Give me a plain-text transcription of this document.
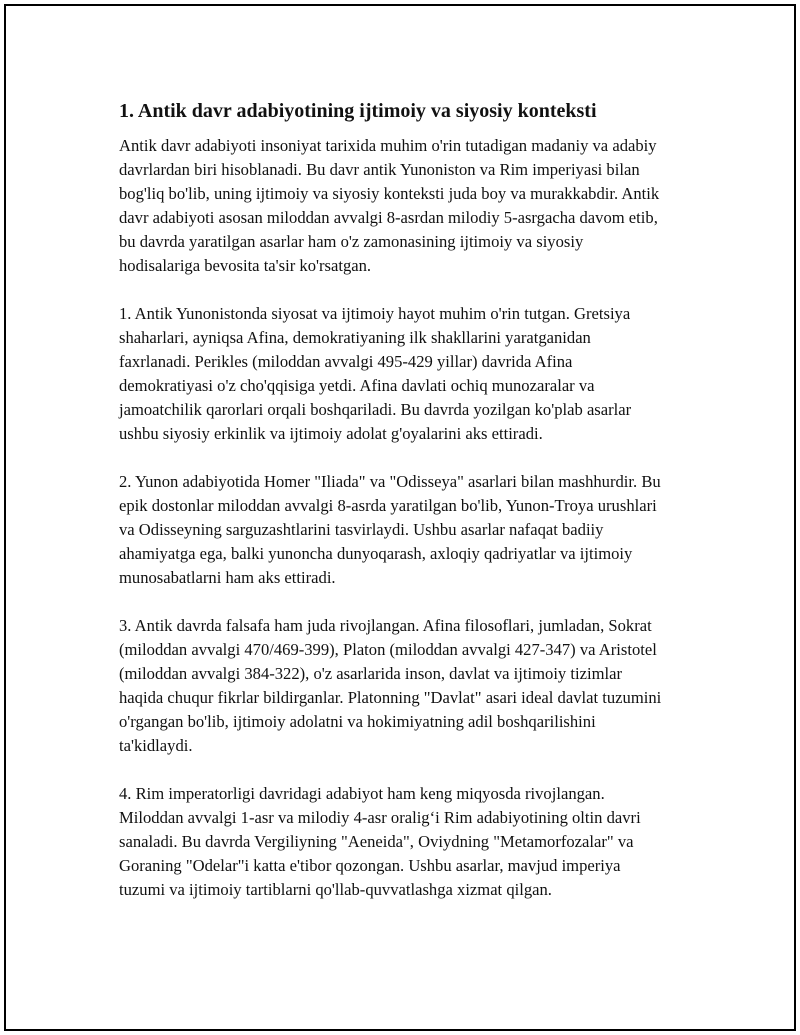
1. Antik davr adabiyotining ijtimoiy va siyosiy konteksti

Antik davr adabiyoti insoniyat tarixida muhim o'rin tutadigan madaniy va adabiy davrlardan biri hisoblanadi. Bu davr antik Yunoniston va Rim imperiyasi bilan bog'liq bo'lib, uning ijtimoiy va siyosiy konteksti juda boy va murakkabdir. Antik davr adabiyoti asosan miloddan avvalgi 8-asrdan milodiy 5-asrgacha davom etib, bu davrda yaratilgan asarlar ham o'z zamonasining ijtimoiy va siyosiy hodisalariga bevosita ta'sir ko'rsatgan.

1. Antik Yunonistonda siyosat va ijtimoiy hayot muhim o'rin tutgan. Gretsiya shaharlari, ayniqsa Afina, demokratiyaning ilk shakllarini yaratganidan faxrlanadi. Perikles (miloddan avvalgi 495-429 yillar) davrida Afina demokratiyasi o'z cho'qqisiga yetdi. Afina davlati ochiq munozaralar va jamoatchilik qarorlari orqali boshqariladi. Bu davrda yozilgan ko'plab asarlar ushbu siyosiy erkinlik va ijtimoiy adolat g'oyalarini aks ettiradi.

2. Yunon adabiyotida Homer "Iliada" va "Odisseya" asarlari bilan mashhurdir. Bu epik dostonlar miloddan avvalgi 8-asrda yaratilgan bo'lib, Yunon-Troya urushlari va Odisseyning sarguzashtlarini tasvirlaydi. Ushbu asarlar nafaqat badiiy ahamiyatga ega, balki yunoncha dunyoqarash, axloqiy qadriyatlar va ijtimoiy munosabatlarni ham aks ettiradi.

3. Antik davrda falsafa ham juda rivojlangan. Afina filosoflari, jumladan, Sokrat (miloddan avvalgi 470/469-399), Platon (miloddan avvalgi 427-347) va Aristotel (miloddan avvalgi 384-322), o'z asarlarida inson, davlat va ijtimoiy tizimlar haqida chuqur fikrlar bildirganlar. Platonning "Davlat" asari ideal davlat tuzumini o'rgangan bo'lib, ijtimoiy adolatni va hokimiyatning adil boshqarilishini ta'kidlaydi.

4. Rim imperatorligi davridagi adabiyot ham keng miqyosda rivojlangan. Miloddan avvalgi 1-asr va milodiy 4-asr oralig‘i Rim adabiyotining oltin davri sanaladi. Bu davrda Vergiliyning "Aeneida", Oviydning "Metamorfozalar" va Goraning "Odelar"i katta e'tibor qozongan. Ushbu asarlar, mavjud imperiya tuzumi va ijtimoiy tartiblarni qo'llab-quvvatlashga xizmat qilgan.
